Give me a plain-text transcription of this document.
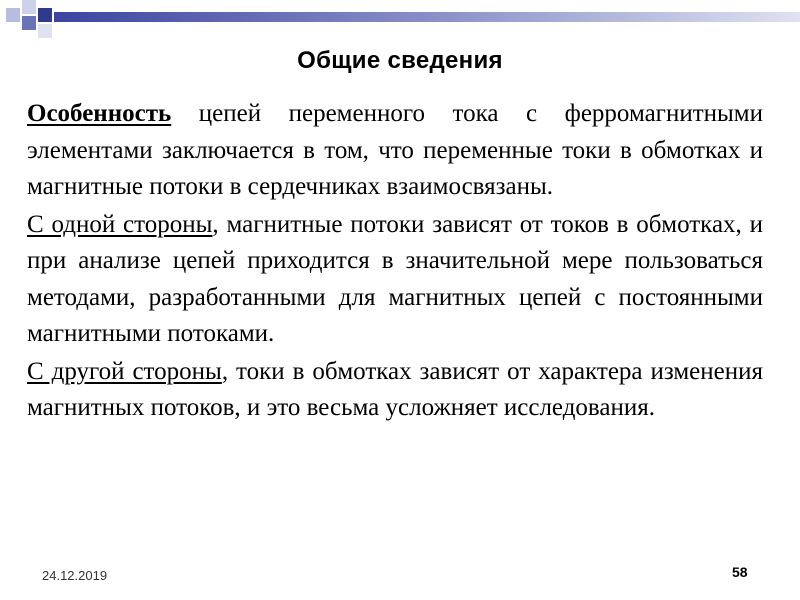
Общие сведения

Особенность цепей переменного тока с ферромагнитными элементами заключается в том, что переменные токи в обмотках и магнитные потоки в сердечниках взаимосвязаны.

С одной стороны, магнитные потоки зависят от токов в обмотках, и при анализе цепей приходится в значительной мере пользоваться методами, разработанными для магнитных цепей с постоянными магнитными потоками.

С другой стороны, токи в обмотках зависят от характера изменения магнитных потоков, и это весьма усложняет исследования.

24.12.2019	58
